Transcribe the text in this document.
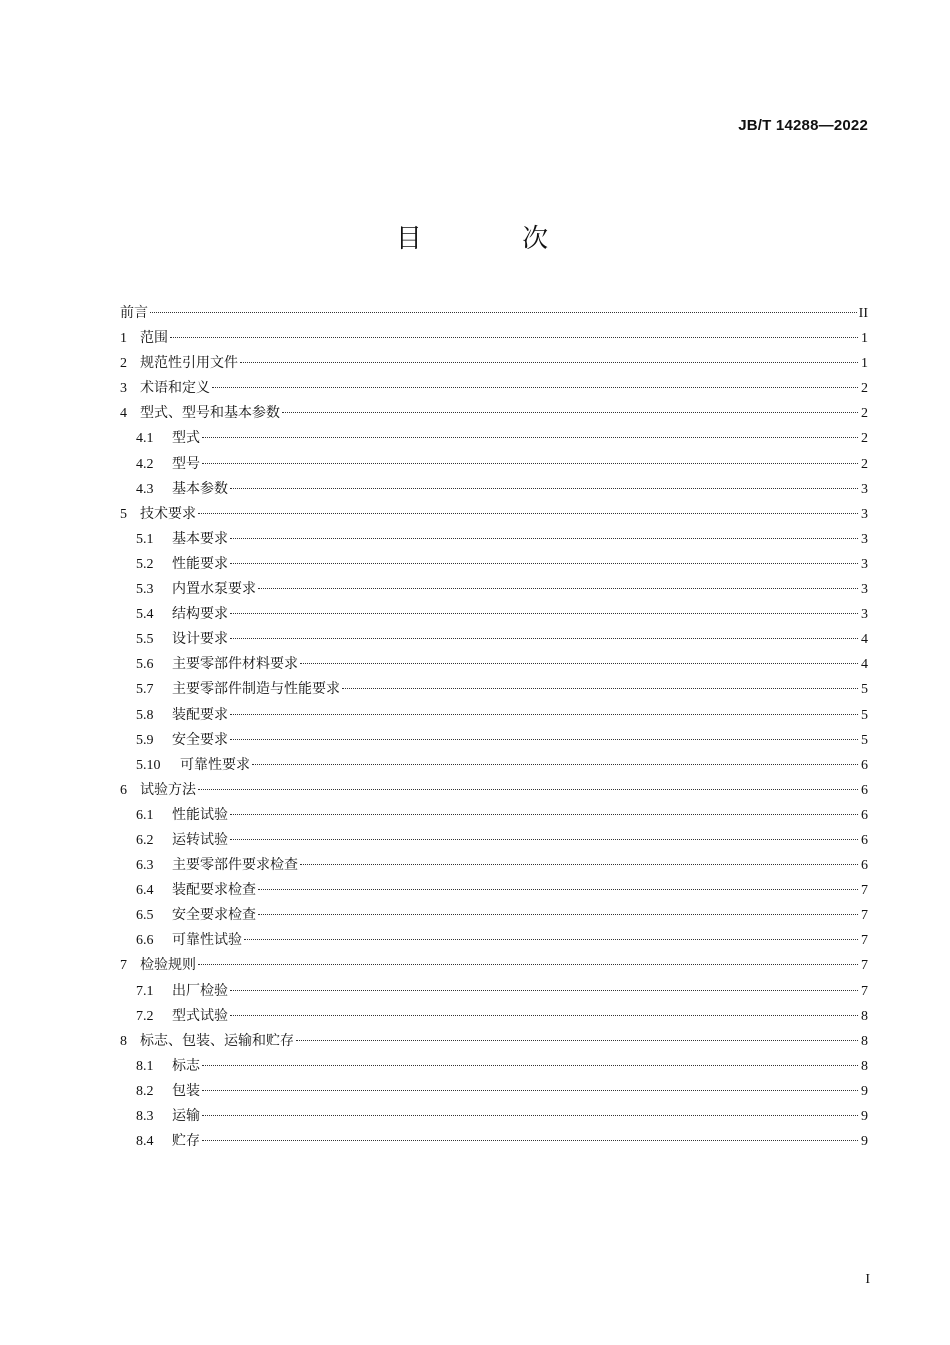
JB/T 14288—2022
目 次
前言	II
1 范围	1
2 规范性引用文件	1
3 术语和定义	2
4 型式、型号和基本参数	2
4.1	型式	2
4.2	型号	2
4.3	基本参数	3
5 技术要求	3
5.1	基本要求	3
5.2	性能要求	3
5.3	内置水泵要求	3
5.4	结构要求	3
5.5	设计要求	4
5.6	主要零部件材料要求	4
5.7	主要零部件制造与性能要求	5
5.8	装配要求	5
5.9	安全要求	5
5.10	可靠性要求	6
6 试验方法	6
6.1	性能试验	6
6.2	运转试验	6
6.3	主要零部件要求检查	6
6.4	装配要求检查	7
6.5	安全要求检查	7
6.6	可靠性试验	7
7 检验规则	7
7.1	出厂检验	7
7.2	型式试验	8
8 标志、包装、运输和贮存	8
8.1	标志	8
8.2	包装	9
8.3	运输	9
8.4	贮存	9
I
